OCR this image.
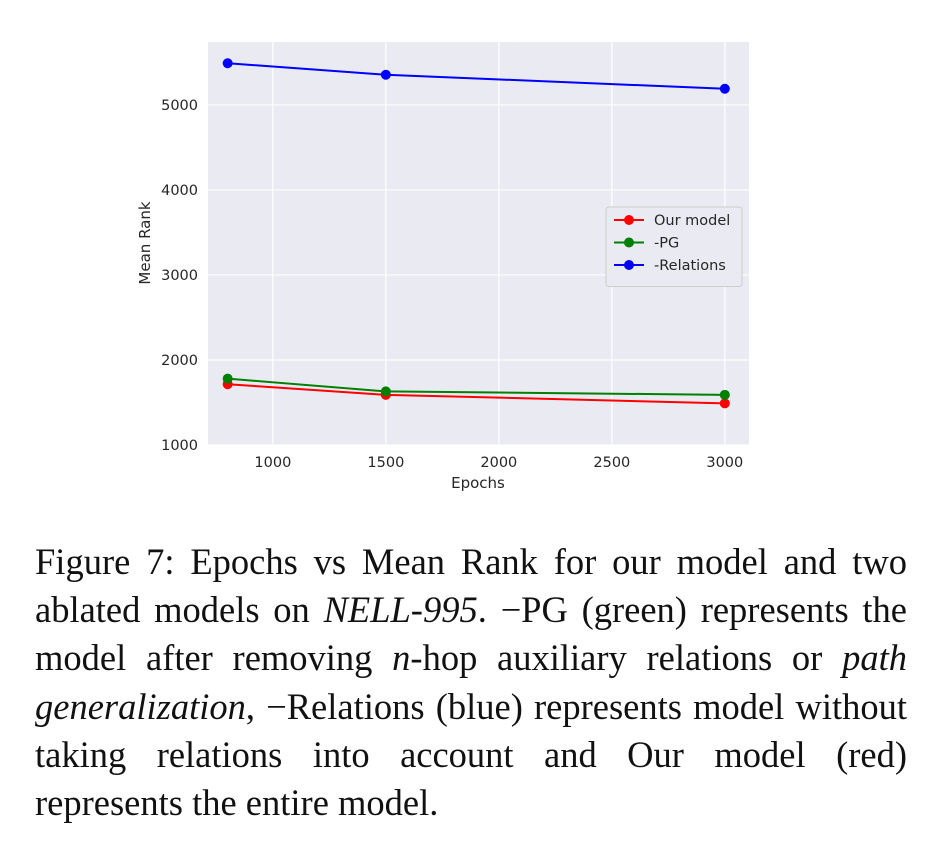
1000	1500	2000	2500	3000
1000
2000
3000
4000
5000
Epochs
Mean Rank	Our model
-PG
-Relations

Figure 7: Epochs vs Mean Rank for our model and two ablated models on NELL-995. −PG (green) represents the model after removing n-hop auxiliary relations or path generalization, −Relations (blue) represents model without taking relations into account and Our model (red) represents the entire model.
